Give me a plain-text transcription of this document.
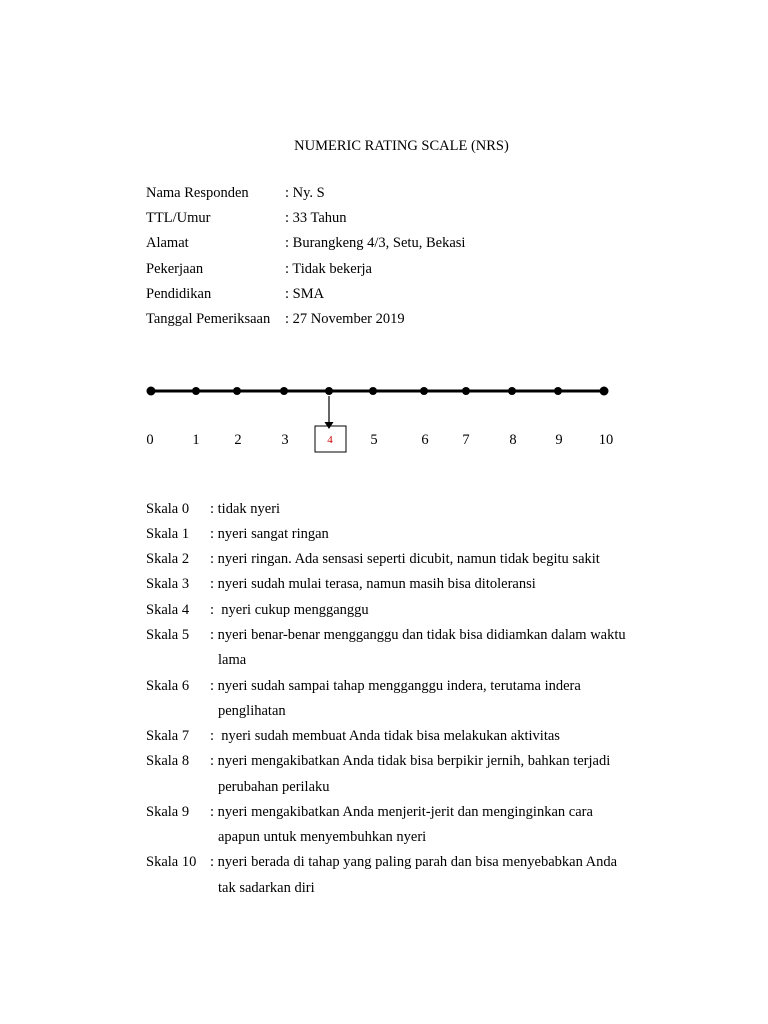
NUMERIC RATING SCALE (NRS)
Nama Responden	: Ny. S
TTL/Umur	: 33 Tahun
Alamat	: Burangkeng 4/3, Setu, Bekasi
Pekerjaan	: Tidak bekerja
Pendidikan	: SMA
Tanggal Pemeriksaan : 27 November 2019
0	1 2	3	4	5	6 7	8	9 10
Skala 0 : tidak nyeri
Skala 1 : nyeri sangat ringan
Skala 2 : nyeri ringan. Ada sensasi seperti dicubit, namun tidak begitu sakit
Skala 3 : nyeri sudah mulai terasa, namun masih bisa ditoleransi
Skala 4 :  nyeri cukup mengganggu
Skala 5 : nyeri benar-benar mengganggu dan tidak bisa didiamkan dalam waktu
lama
Skala 6 : nyeri sudah sampai tahap mengganggu indera, terutama indera
penglihatan
Skala 7 :  nyeri sudah membuat Anda tidak bisa melakukan aktivitas
Skala 8 : nyeri mengakibatkan Anda tidak bisa berpikir jernih, bahkan terjadi
perubahan perilaku
Skala 9 : nyeri mengakibatkan Anda menjerit-jerit dan menginginkan cara
apapun untuk menyembuhkan nyeri
Skala 10 : nyeri berada di tahap yang paling parah dan bisa menyebabkan Anda
tak sadarkan diri
